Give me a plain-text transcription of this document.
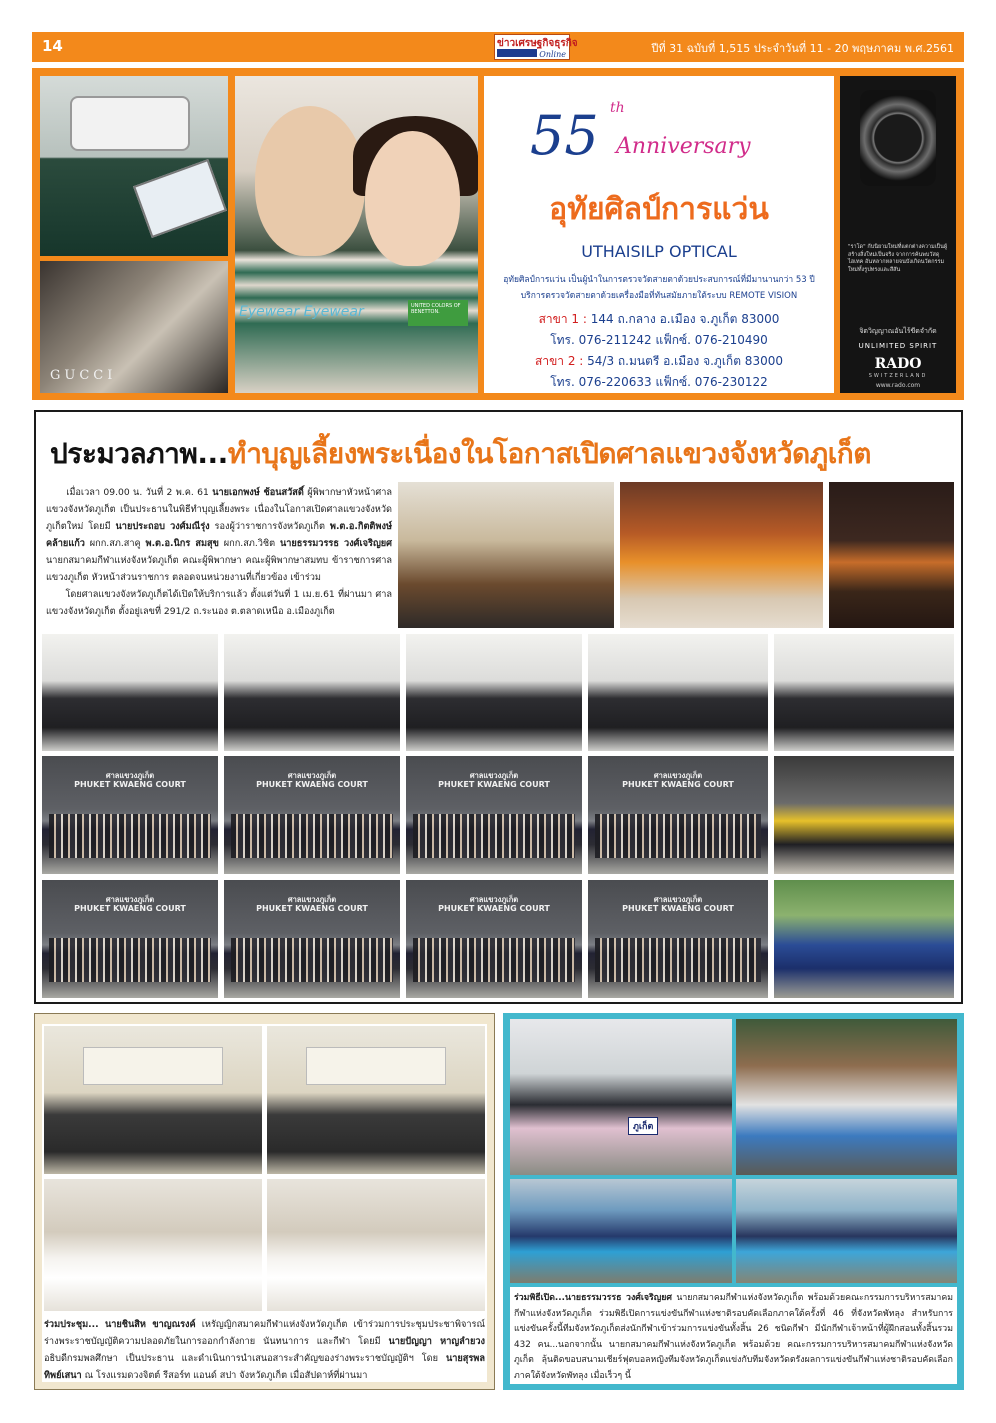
14	ข่าวเศรษฐกิจธุรกิจ
Online	ปีที่ 31 ฉบับที่ 1,515 ประจำวันที่ 11 - 20 พฤษภาคม พ.ศ.2561
GUCCI
Eyewear Eyewear	UNITED COLORS OF BENETTON.
55 th
Anniversary
อุทัยศิลป์การแว่น
UTHAISILP OPTICAL
อุทัยศิลป์การแว่น เป็นผู้นำในการตรวจวัดสายตาด้วยประสบการณ์ที่มีมานานกว่า 53 ปี
บริการตรวจวัดสายตาด้วยเครื่องมือที่ทันสมัยภายใต้ระบบ REMOTE VISION
สาขา 1 : 144 ถ.กลาง อ.เมือง จ.ภูเก็ต 83000
โทร. 076-211242 แฟ็กซ์. 076-210490
สาขา 2 : 54/3 ถ.มนตรี อ.เมือง จ.ภูเก็ต 83000
โทร. 076-220633 แฟ็กซ์. 076-230122
"ราโด" กับนิยามใหม่ที่แตกต่างความเป็นผู้สร้างสิ่งใหม่เป็นจริง จากการค้นพบวัสดุไฮเทค อันหลากหลายจนบังเกิดนวัตกรรมใหม่ทั้งรูปทรงและสีสัน
จิตวิญญาณอันไร้ขีดจำกัด
UNLIMITED SPIRIT
RADO
SWITZERLAND
www.rado.com
ประมวลภาพ...ทำบุญเลี้ยงพระเนื่องในโอกาสเปิดศาลแขวงจังหวัดภูเก็ต

เมื่อเวลา 09.00 น. วันที่ 2 พ.ค. 61 นายเอกพงษ์ ช้อนสวัสดิ์ ผู้พิพากษาหัวหน้าศาลแขวงจังหวัดภูเก็ต เป็นประธานในพิธีทำบุญเลี้ยงพระ เนื่องในโอกาสเปิดศาลแขวงจังหวัดภูเก็ตใหม่ โดยมี นายประถอบ วงศ์มณีรุ่ง รองผู้ว่าราชการจังหวัดภูเก็ต พ.ต.อ.กิตติพงษ์ คล้ายแก้ว ผกก.สภ.สาคู พ.ต.อ.นิกร สมสุข ผกก.สภ.วิชิต นายธรรมวรรธ วงศ์เจริญยศ นายกสมาคมกีฬาแห่งจังหวัดภูเก็ต คณะผู้พิพากษา คณะผู้พิพากษาสมทบ ข้าราชการศาลแขวงภูเก็ต หัวหน้าส่วนราชการ ตลอดจนหน่วยงานที่เกี่ยวข้อง เข้าร่วม

โดยศาลแขวงจังหวัดภูเก็ตได้เปิดให้บริการแล้ว ตั้งแต่วันที่ 1 เม.ย.61 ที่ผ่านมา ศาลแขวงจังหวัดภูเก็ต ตั้งอยู่เลขที่ 291/2 ถ.ระนอง ต.ตลาดเหนือ อ.เมืองภูเก็ต

ศาลแขวงภูเก็ต
PHUKET KWAENG COURT
ศาลแขวงภูเก็ต
PHUKET KWAENG COURT
ศาลแขวงภูเก็ต
PHUKET KWAENG COURT
ศาลแขวงภูเก็ต
PHUKET KWAENG COURT
ศาลแขวงภูเก็ต
PHUKET KWAENG COURT
ศาลแขวงภูเก็ต
PHUKET KWAENG COURT
ศาลแขวงภูเก็ต
PHUKET KWAENG COURT
ศาลแขวงภูเก็ต
PHUKET KWAENG COURT
ร่วมประชุม... นายชินสิห ขาญณรงค์ เหรัญญิกสมาคมกีฬาแห่งจังหวัดภูเก็ต เข้าร่วมการประชุมประชาพิจารณ์ ร่างพระราชบัญญัติความปลอดภัยในการออกกำลังกาย นันทนาการ และกีฬา โดยมี นายปัญญา หาญลำยวง อธิบดีกรมพลศึกษา เป็นประธาน และดำเนินการนำเสนอสาระสำคัญของร่างพระราชบัญญัติฯ โดย นายสุรพล ทิพย์เสนา ณ โรงแรมดวงจิตต์ รีสอร์ท แอนด์ สปา จังหวัดภูเก็ต เมื่อสัปดาห์ที่ผ่านมา
ภูเก็ต
ร่วมพิธีเปิด...นายธรรมวรรธ วงศ์เจริญยศ นายกสมาคมกีฬาแห่งจังหวัดภูเก็ต พร้อมด้วยคณะกรรมการบริหารสมาคมกีฬาแห่งจังหวัดภูเก็ต ร่วมพิธีเปิดการแข่งขันกีฬาแห่งชาติรอบคัดเลือกภาคใต้ครั้งที่ 46 ที่จังหวัดพัทลุง สำหรับการแข่งขันครั้งนี้ทีมจังหวัดภูเก็ตส่งนักกีฬาเข้าร่วมการแข่งขันทั้งสิ้น 26 ชนิดกีฬา มีนักกีฬาเจ้าหน้าที่ผู้ฝึกสอนทั้งสิ้นรวม 432 คน...นอกจากนั้น นายกสมาคมกีฬาแห่งจังหวัดภูเก็ต พร้อมด้วย คณะกรรมการบริหารสมาคมกีฬาแห่งจังหวัดภูเก็ต ลุ้นติดขอบสนามเชียร์ฟุตบอลหญิงทีมจังหวัดภูเก็ตแข่งกับทีมจังหวัดตรังผลการแข่งขันกีฬาแห่งชาติรอบคัดเลือกภาคใต้จังหวัดพัทลุง เมื่อเร็วๆ นี้
